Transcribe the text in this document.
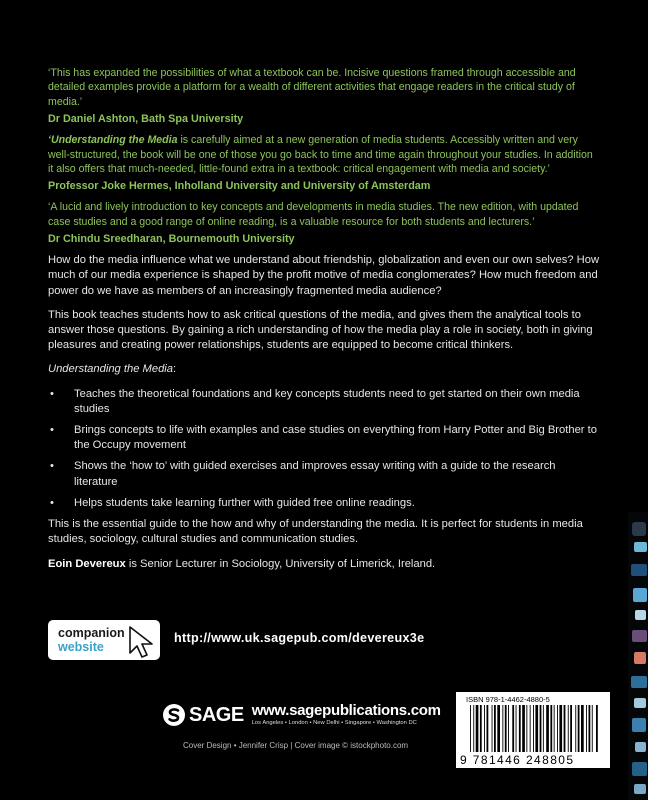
‘This has expanded the possibilities of what a textbook can be. Incisive questions framed through accessible and detailed examples provide a platform for a wealth of different activities that engage readers in the critical study of media.’

Dr Daniel Ashton, Bath Spa University

‘Understanding the Media is carefully aimed at a new generation of media students. Accessibly written and very well-structured, the book will be one of those you go back to time and time again throughout your studies. In addition it also offers that much-needed, little-found extra in a textbook: critical engagement with media and society.’

Professor Joke Hermes, Inholland University and University of Amsterdam

‘A lucid and lively introduction to key concepts and developments in media studies. The new edition, with updated case studies and a good range of online reading, is a valuable resource for both students and lecturers.’

Dr Chindu Sreedharan, Bournemouth University

How do the media influence what we understand about friendship, globalization and even our own selves? How much of our media experience is shaped by the profit motive of media conglomerates? How much freedom and power do we have as members of an increasingly fragmented media audience?

This book teaches students how to ask critical questions of the media, and gives them the analytical tools to answer those questions. By gaining a rich understanding of how the media play a role in society, both in giving pleasures and creating power relationships, students are equipped to become critical thinkers.

Understanding the Media:

• Teaches the theoretical foundations and key concepts students need to get started on their own media studies
• Brings concepts to life with examples and case studies on everything from Harry Potter and Big Brother to the Occupy movement
• Shows the ‘how to’ with guided exercises and improves essay writing with a guide to the research literature
• Helps students take learning further with guided free online readings.

This is the essential guide to the how and why of understanding the media. It is perfect for students in media studies, sociology, cultural studies and communication studies.

Eoin Devereux is Senior Lecturer in Sociology, University of Limerick, Ireland.

companion
website
http://www.uk.sagepub.com/devereux3e
SAGE www.sagepublications.com
Los Angeles • London • New Delhi • Singapore • Washington DC
Cover Design • Jennifer Crisp | Cover image © istockphoto.com
ISBN 978-1-4462-4880-5
9 781446 248805
